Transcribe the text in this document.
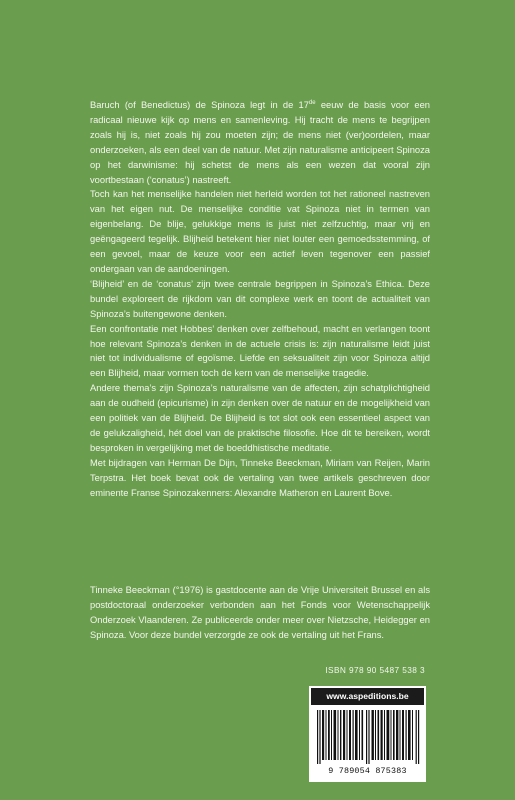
Baruch (of Benedictus) de Spinoza legt in de 17de eeuw de basis voor een radicaal nieuwe kijk op mens en samenleving. Hij tracht de mens te begrijpen zoals hij is, niet zoals hij zou moeten zijn; de mens niet (ver)oordelen, maar onderzoeken, als een deel van de natuur. Met zijn naturalisme anticipeert Spinoza op het darwinisme: hij schetst de mens als een wezen dat vooral zijn voortbestaan (‘conatus’) nastreeft.

Toch kan het menselijke handelen niet herleid worden tot het rationeel nastreven van het eigen nut. De menselijke conditie vat Spinoza niet in termen van eigenbelang. De blije, gelukkige mens is juist niet zelfzuchtig, maar vrij en geëngageerd tegelijk. Blijheid betekent hier niet louter een gemoedsstemming, of een gevoel, maar de keuze voor een actief leven tegenover een passief ondergaan van de aandoeningen.

‘Blijheid’ en de ‘conatus’ zijn twee centrale begrippen in Spinoza’s Ethica. Deze bundel exploreert de rijkdom van dit complexe werk en toont de actualiteit van Spinoza’s buitengewone denken.

Een confrontatie met Hobbes’ denken over zelfbehoud, macht en verlangen toont hoe relevant Spinoza’s denken in de actuele crisis is: zijn naturalisme leidt juist niet tot individualisme of egoïsme. Liefde en seksualiteit zijn voor Spinoza altijd een Blijheid, maar vormen toch de kern van de menselijke tragedie.

Andere thema’s zijn Spinoza’s naturalisme van de affecten, zijn schatplichtigheid aan de oudheid (epicurisme) in zijn denken over de natuur en de mogelijkheid van een politiek van de Blijheid. De Blijheid is tot slot ook een essentieel aspect van de gelukzaligheid, hét doel van de praktische filosofie. Hoe dit te bereiken, wordt besproken in vergelijking met de boeddhistische meditatie.

Met bijdragen van Herman De Dijn, Tinneke Beeckman, Miriam van Reijen, Marin Terpstra. Het boek bevat ook de vertaling van twee artikels geschreven door eminente Franse Spinozakenners: Alexandre Matheron en Laurent Bove.

Tinneke Beeckman (°1976) is gastdocente aan de Vrije Universiteit Brussel en als postdoctoraal onderzoeker verbonden aan het Fonds voor Wetenschappelijk Onderzoek Vlaanderen. Ze publiceerde onder meer over Nietzsche, Heidegger en Spinoza. Voor deze bundel verzorgde ze ook de vertaling uit het Frans.

ISBN 978 90 5487 538 3
www.aspeditions.be
9 789054 875383
